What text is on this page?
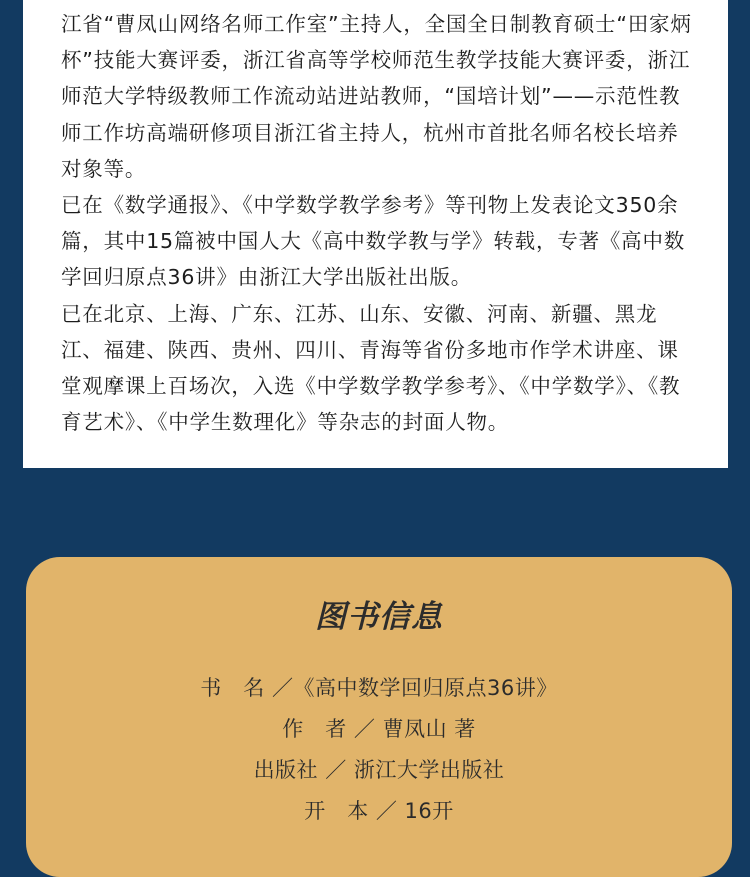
江省“曹凤山网络名师工作室”主持人，全国全日制教育硕士“田家炳杯”技能大赛评委，浙江省高等学校师范生教学技能大赛评委，浙江师范大学特级教师工作流动站进站教师，“国培计划”——示范性教师工作坊高端研修项目浙江省主持人，杭州市首批名师名校长培养对象等。

已在《数学通报》、《中学数学教学参考》等刊物上发表论文350余篇，其中15篇被中国人大《高中数学教与学》转载，专著《高中数学回归原点36讲》由浙江大学出版社出版。

已在北京、上海、广东、江苏、山东、安徽、河南、新疆、黑龙江、福建、陕西、贵州、四川、青海等省份多地市作学术讲座、课堂观摩课上百场次，入选《中学数学教学参考》、《中学数学》、《教育艺术》、《中学生数理化》等杂志的封面人物。

图书信息
书　名 ／《高中数学回归原点36讲》
作　者 ／ 曹凤山 著
出版社 ／ 浙江大学出版社
开　本 ／ 16开
